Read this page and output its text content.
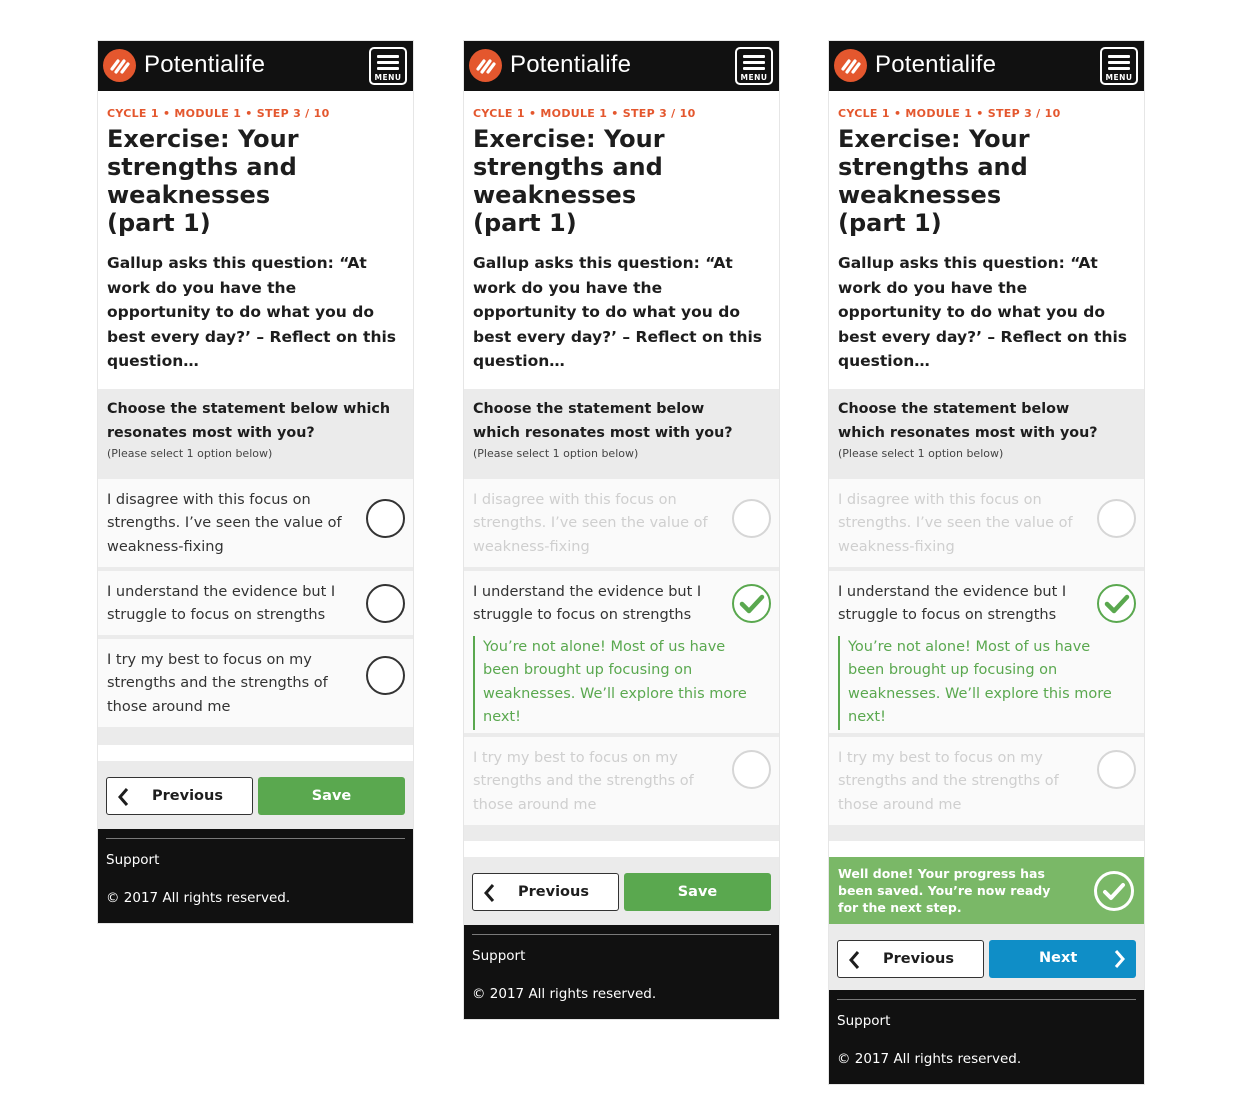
Potentialife	MENU
CYCLE 1 • MODULE 1 • STEP 3 / 10
Exercise: Your
strengths and
weaknesses
(part 1)
Gallup asks this question: “At work do you have the opportunity to do what you do best every day?’ – Reflect on this question…
Choose the statement below which resonates most with you?
(Please select 1 option below)
I disagree with this focus on strengths. I’ve seen the value of weakness-fixing
I understand the evidence but I struggle to focus on strengths
I try my best to focus on my strengths and the strengths of those around me
Previous	Save
Support
© 2017 All rights reserved.
Potentialife	MENU
CYCLE 1 • MODULE 1 • STEP 3 / 10
Exercise: Your
strengths and
weaknesses
(part 1)
Gallup asks this question: “At work do you have the opportunity to do what you do best every day?’ – Reflect on this question…
Choose the statement below which resonates most with you?
(Please select 1 option below)
I disagree with this focus on strengths. I’ve seen the value of weakness-fixing
I understand the evidence but I struggle to focus on strengths
You’re not alone! Most of us have been brought up focusing on weaknesses. We’ll explore this more next!
I try my best to focus on my strengths and the strengths of those around me
Previous	Save
Support
© 2017 All rights reserved.
Potentialife	MENU
CYCLE 1 • MODULE 1 • STEP 3 / 10
Exercise: Your
strengths and
weaknesses
(part 1)
Gallup asks this question: “At work do you have the opportunity to do what you do best every day?’ – Reflect on this question…
Choose the statement below which resonates most with you?
(Please select 1 option below)
I disagree with this focus on strengths. I’ve seen the value of weakness-fixing
I understand the evidence but I struggle to focus on strengths
You’re not alone! Most of us have been brought up focusing on weaknesses. We’ll explore this more next!
I try my best to focus on my strengths and the strengths of those around me
Well done! Your progress has been saved. You’re now ready for the next step.
Previous	Next
Support
© 2017 All rights reserved.
